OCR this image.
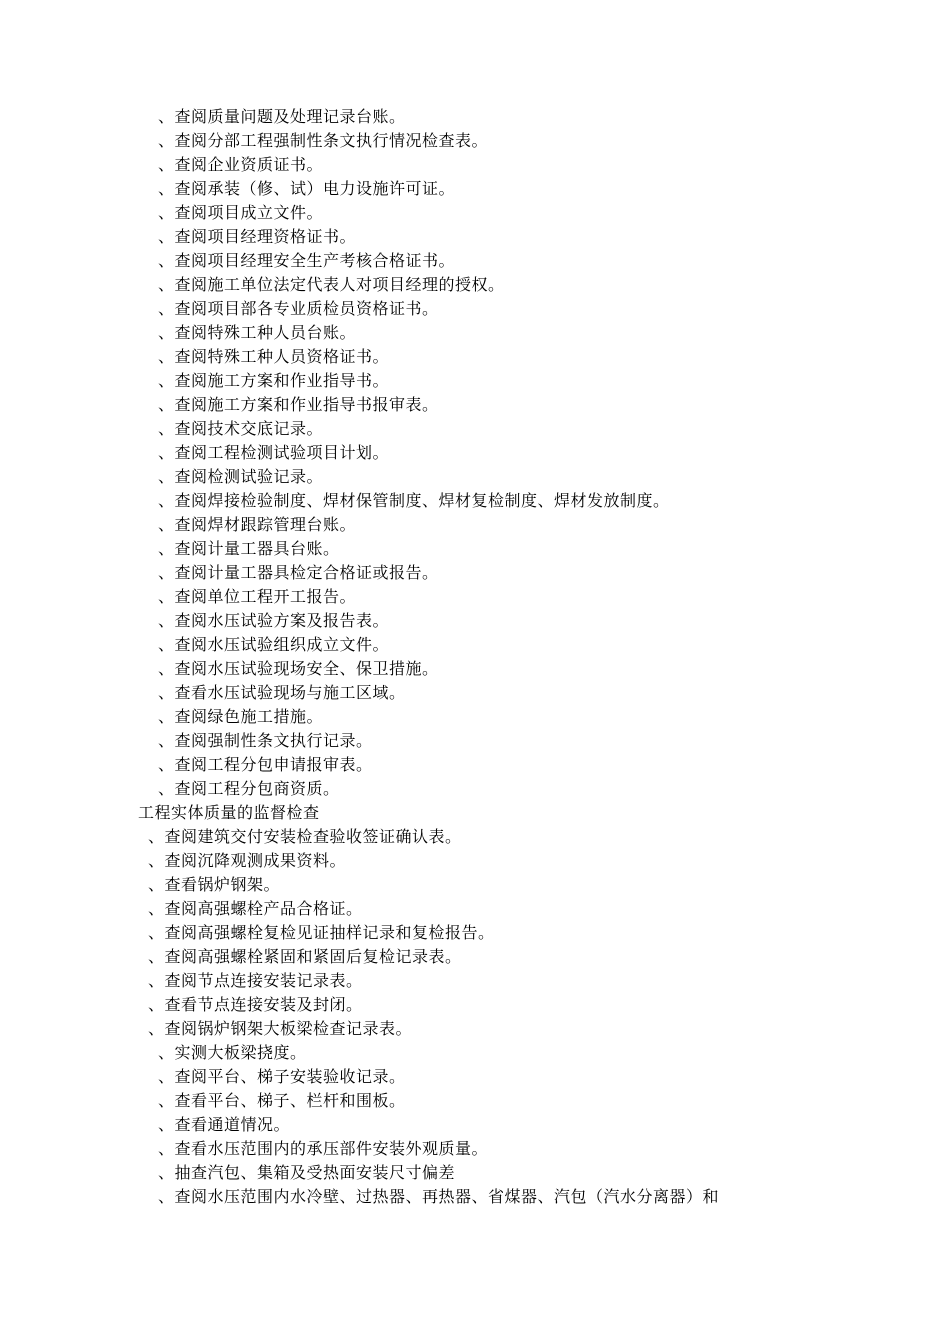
、查阅质量问题及处理记录台账。
、查阅分部工程强制性条文执行情况检查表。
、查阅企业资质证书。
、查阅承装（修、试）电力设施许可证。
、查阅项目成立文件。
、查阅项目经理资格证书。
、查阅项目经理安全生产考核合格证书。
、查阅施工单位法定代表人对项目经理的授权。
、查阅项目部各专业质检员资格证书。
、查阅特殊工种人员台账。
、查阅特殊工种人员资格证书。
、查阅施工方案和作业指导书。
、查阅施工方案和作业指导书报审表。
、查阅技术交底记录。
、查阅工程检测试验项目计划。
、查阅检测试验记录。
、查阅焊接检验制度、焊材保管制度、焊材复检制度、焊材发放制度。
、查阅焊材跟踪管理台账。
、查阅计量工器具台账。
、查阅计量工器具检定合格证或报告。
、查阅单位工程开工报告。
、查阅水压试验方案及报告表。
、查阅水压试验组织成立文件。
、查阅水压试验现场安全、保卫措施。
、查看水压试验现场与施工区域。
、查阅绿色施工措施。
、查阅强制性条文执行记录。
、查阅工程分包申请报审表。
、查阅工程分包商资质。
工程实体质量的监督检查
、查阅建筑交付安装检查验收签证确认表。
、查阅沉降观测成果资料。
、查看锅炉钢架。
、查阅高强螺栓产品合格证。
、查阅高强螺栓复检见证抽样记录和复检报告。
、查阅高强螺栓紧固和紧固后复检记录表。
、查阅节点连接安装记录表。
、查看节点连接安装及封闭。
、查阅锅炉钢架大板梁检查记录表。
、实测大板梁挠度。
、查阅平台、梯子安装验收记录。
、查看平台、梯子、栏杆和围板。
、查看通道情况。
、查看水压范围内的承压部件安装外观质量。
、抽查汽包、集箱及受热面安装尺寸偏差
、查阅水压范围内水冷壁、过热器、再热器、省煤器、汽包（汽水分离器）和
